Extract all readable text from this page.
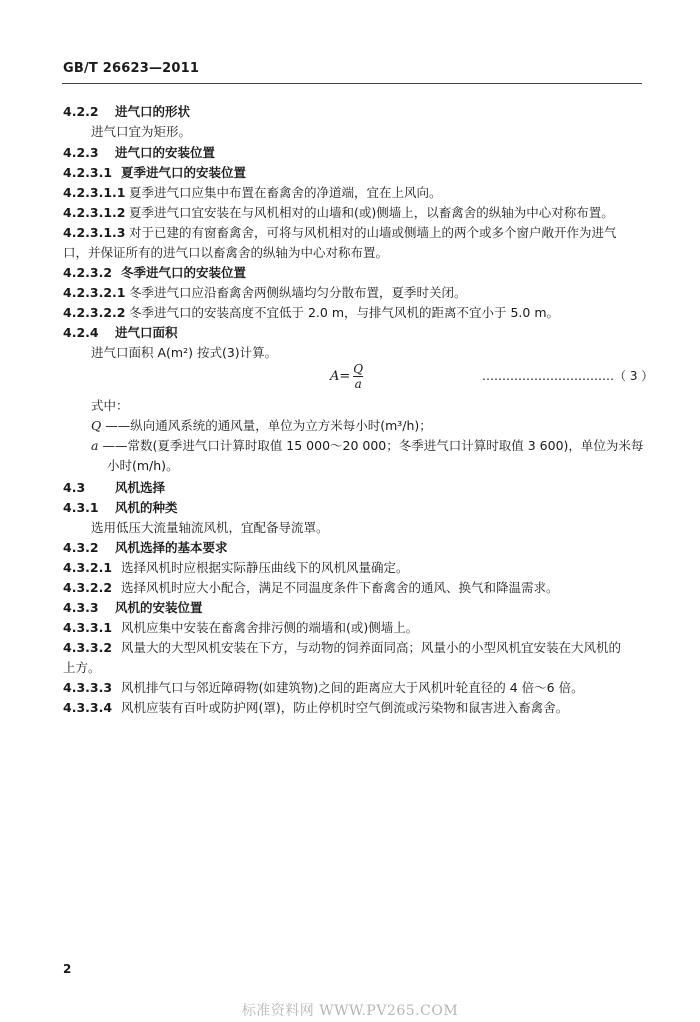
GB/T 26623—2011
4.2.2 进气口的形状
进气口宜为矩形。
4.2.3 进气口的安装位置
4.2.3.1 夏季进气口的安装位置
4.2.3.1.1 夏季进气口应集中布置在畜禽舍的净道端，宜在上风向。
4.2.3.1.2 夏季进气口宜安装在与风机相对的山墙和(或)侧墙上，以畜禽舍的纵轴为中心对称布置。
4.2.3.1.3 对于已建的有窗畜禽舍，可将与风机相对的山墙或侧墙上的两个或多个窗户敞开作为进气
口，并保证所有的进气口以畜禽舍的纵轴为中心对称布置。
4.2.3.2 冬季进气口的安装位置
4.2.3.2.1 冬季进气口应沿畜禽舍两侧纵墙均匀分散布置，夏季时关闭。
4.2.3.2.2 冬季进气口的安装高度不宜低于 2.0 m，与排气风机的距离不宜小于 5.0 m。
4.2.4 进气口面积
进气口面积 A(m²) 按式(3)计算。
$A= \frac{Q}{a}$	……………………………（ 3 ）
式中：
Q ——纵向通风系统的通风量，单位为立方米每小时(m³/h)；
a ——常数(夏季进气口计算时取值 15 000～20 000；冬季进气口计算时取值 3 600)，单位为米每
小时(m/h)。
4.3 风机选择
4.3.1 风机的种类
选用低压大流量轴流风机，宜配备导流罩。
4.3.2 风机选择的基本要求
4.3.2.1 选择风机时应根据实际静压曲线下的风机风量确定。
4.3.2.2 选择风机时应大小配合，满足不同温度条件下畜禽舍的通风、换气和降温需求。
4.3.3 风机的安装位置
4.3.3.1 风机应集中安装在畜禽舍排污侧的端墙和(或)侧墙上。
4.3.3.2 风量大的大型风机安装在下方，与动物的饲养面同高；风量小的小型风机宜安装在大风机的
上方。
4.3.3.3 风机排气口与邻近障碍物(如建筑物)之间的距离应大于风机叶轮直径的 4 倍～6 倍。
4.3.3.4 风机应装有百叶或防护网(罩)，防止停机时空气倒流或污染物和鼠害进入畜禽舍。
2
标准资料网 WWW.PV265.COM
